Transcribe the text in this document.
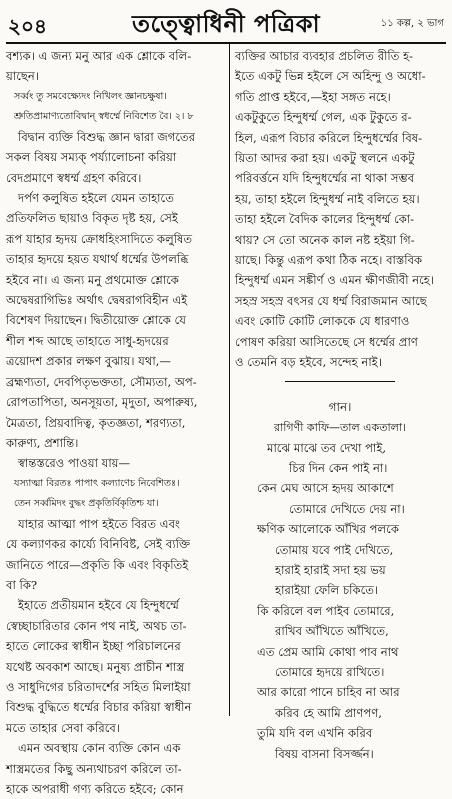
২০৪	তত্ত্বোধিনী পত্রিকা	১১ কল্প, ২ ভাগ
বশ্যক। এ জন্য মনু আর এক শ্লোকে বলি-
য়াছেন।
সর্ব্বং তু সমবেক্ষ্যেদং নিখিলং জ্ঞানচক্ষুষা।
শ্রুতিপ্রামাণ্যতোবিদ্বান্ স্বধর্ম্মে নিবিশেত বৈ। ২। ৮
বিদ্বান ব্যক্তি বিশুদ্ধ জ্ঞান দ্বারা জগতের
সকল বিষয় সম্যক্ পর্য্যালোচনা করিয়া
বেদপ্রমাণে স্বধর্ম্ম গ্রহণ করিবে।
দর্পণ কলুষিত হইলে যেমন তাহাতে
প্রতিফলিত ছায়াও বিকৃত দৃষ্ট হয়, সেই
রূপ যাহার হৃদয় ক্রোধহিংসাদিতে কলুষিত
তাহার হৃদয়ে হয়ত যথার্থ ধর্ম্মের উপলব্ধি
হইবে না। এ জন্য মনু প্রথমোক্ত শ্লোকে
অদ্বেষরাগিভিঃ অর্থাৎ দ্বেষরাগবিহীন এই
বিশেষণ দিয়াছেন। দ্বিতীয়োক্ত শ্লোকে যে
শীল শব্দ আছে তাহাতে সাধু-হৃদয়ের
ত্রয়োদশ প্রকার লক্ষণ বুঝায়। যথা,—
ব্রহ্মণ্যতা, দেবপিতৃভক্ততা, সৌম্যতা, অপ-
রোপতাপিতা, অনসূয়তা, মৃদুতা, অপারুষ্য,
মৈত্রতা, প্রিয়বাদিত্ব, কৃতজ্ঞতা, শরণ্যতা,
কারুণ্য, প্রশান্তি।
স্বান্তস্তরেও পাওয়া যায়—
যস্যাত্মা বিরতঃ পাপাৎ কল্যাণেচ নিবেশিতঃ।
তেন সর্ব্বমিদং বুদ্ধং প্রকৃতির্বিকৃতিশ্চ যা।
যাহার আত্মা পাপ হইতে বিরত এবং
যে কল্যাণকর কার্য্যে বিনিবিষ্ট, সেই ব্যক্তি
জানিতে পারে—প্রকৃতি কি এবং বিকৃতিই
বা কি?
ইহাতে প্রতীয়মান হইবে যে হিন্দুধর্ম্মে
স্বেচ্ছাচারিতার কোন পথ নাই, অথচ তা-
হাতে লোকের স্বাধীন ইচ্ছা পরিচালনের
যথেষ্ট অবকাশ আছে। মনুষ্য প্রাচীন শাস্ত্র
ও সাধুদিগের চরিতাদর্শের সহিত মিলাইয়া
বিশুদ্ধ বুদ্ধিতে ধর্ম্মের বিচার করিয়া স্বাধীন
মতে তাহার সেবা করিবে।
এমন অবস্থায় কোন ব্যক্তি কোন এক
শাস্ত্রমতের কিছু অন্যথাচরণ করিলে তা-
হাকে অপরাধী গণ্য করিতে হইবে; কোন
ব্যক্তির আচার ব্যবহার প্রচলিত রীতি হ-
ইতে একটু ভিন্ন হইলে সে অহিন্দু ও অধো-
গতি প্রাপ্ত হইবে,—ইহা সঙ্গত নহে।
একটুকুতে হিন্দুধর্ম্ম গেল, এক টুকুতে র-
হিল, এরূপ বিচার করিলে হিন্দুধর্ম্মের বিষ-
য়িতা আদর করা হয়। একটু স্থলনে একটু
পরিবর্ত্তনে যদি হিন্দুধর্ম্মের না থাকা সম্ভব
হয়, তাহা হইলে হিন্দুধর্ম্ম নাই বলিতে হয়।
তাহা হইলে বৈদিক কালের হিন্দুধর্ম্ম কো-
থায়? সে তো অনেক কাল নষ্ট হইয়া গি-
য়াছে। কিন্তু এরূপ কথা ঠিক নহে। বাস্তবিক
হিন্দুধর্ম্ম এমন সঙ্কীর্ণ ও এমন ক্ষীণজীবী নহে।
সহস্র সহস্র বৎসর যে ধর্ম্ম বিরাজমান আছে
এবং কোটি কোটি লোককে যে ধারণাও
পোষণ করিয়া আসিতেছে সে ধর্ম্মের প্রাণ
ও তেমনি বড় হইবে, সন্দেহ নাই।
গান।
রাগিণী কাফি—তাল একতালা।
মাঝে মাঝে তব দেখা পাই,
চির দিন কেন পাই না।
কেন মেঘ আসে হৃদয় আকাশে
তোমারে দেখিতে দেয় না।
ক্ষণিক আলোকে আঁখির পলকে
তোমায় যবে পাই দেখিতে,
হারাই হারাই সদা হয় ভয়
হারাইয়া ফেলি চকিতে।
কি করিলে বল পাইব তোমারে,
রাখিব আঁখিতে আঁখিতে,
এত প্রেম আমি কোথা পাব নাথ
তোমারে হৃদয়ে রাখিতে।
আর কারো পানে চাহিব না আর
করিব হে আমি প্রাণপণ,
তুমি যদি বল এখনি করিব
বিষয় বাসনা বিসর্জ্জন।
